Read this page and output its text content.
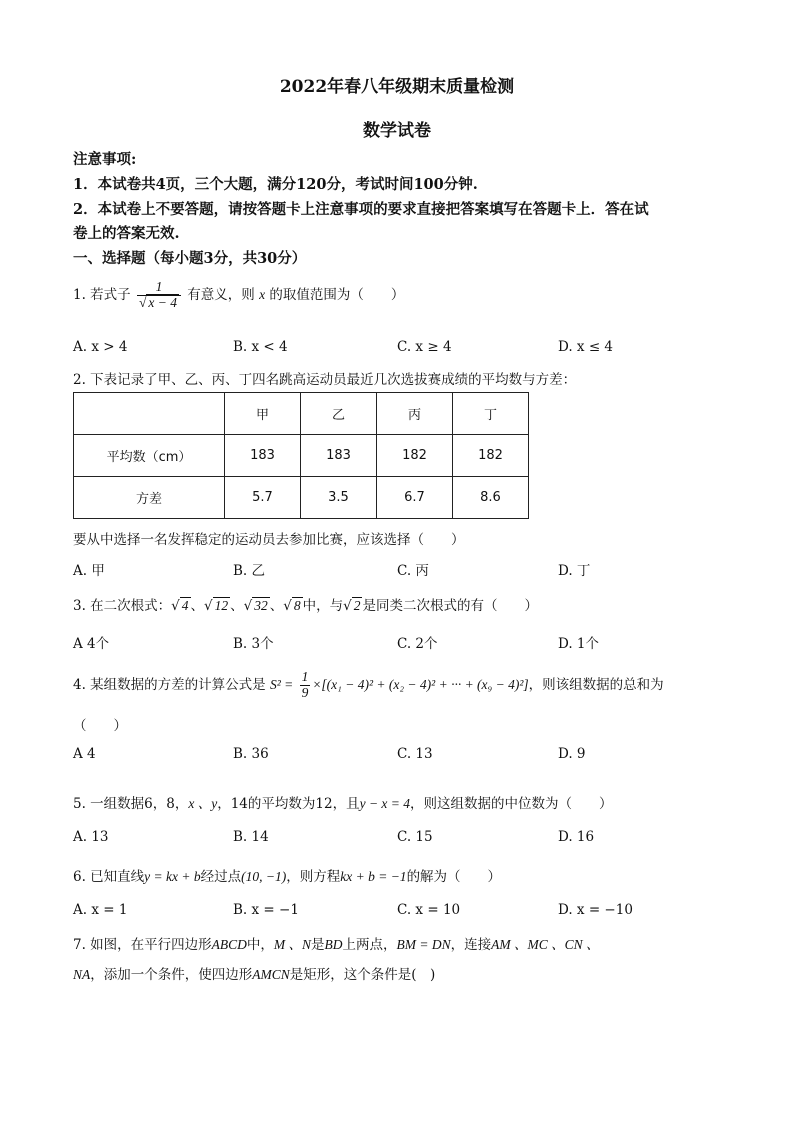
2022年春八年级期末质量检测
数学试卷
注意事项:
1．本试卷共4页，三个大题，满分120分，考试时间100分钟.
2．本试卷上不要答题，请按答题卡上注意事项的要求直接把答案填写在答题卡上．答在试
卷上的答案无效.
一、选择题（每小题3分，共30分）
1. 若式子 $\frac{1}{√ x - 4}$ 有意义，则 x 的取值范围为（　　）
A. x > 4	B. x < 4	C. x ≥ 4	D. x ≤ 4
2. 下表记录了甲、乙、丙、丁四名跳高运动员最近几次选拔赛成绩的平均数与方差：
	甲	乙	丙	丁
平均数（cm）	183	183	182	182
方差	5.7	3.5	6.7	8.6
要从中选择一名发挥稳定的运动员去参加比赛，应该选择（　　）
A. 甲	B. 乙	C. 丙	D. 丁
3. 在二次根式：√ 4 、√ 12 、√ 32 、√ 8 中，与√ 2 是同类二次根式的有（　　）
A 4个	B. 3个	C. 2个	D. 1个
4. 某组数据的方差的计算公式是 $S^2 = \frac{1}{9} \times[(x_1 - 4)^2 + (x_2 - 4)^2$ + ··· + (x₉ − 4)²]，则该组数据的总和为
（　　）
A 4	B. 36	C. 13	D. 9
5. 一组数据6，8，x 、y，14的平均数为12，且y − x = 4，则这组数据的中位数为（　　）
A. 13	B. 14	C. 15	D. 16
6. 已知直线y = kx + b经过点(10, −1)，则方程kx + b = −1的解为（　　）
A. x = 1	B. x = −1	C. x = 10	D. x = −10
7. 如图，在平行四边形ABCD中，M 、N是BD上两点，BM = DN，连接AM 、MC 、CN 、
NA，添加一个条件，使四边形AMCN是矩形，这个条件是(　)
